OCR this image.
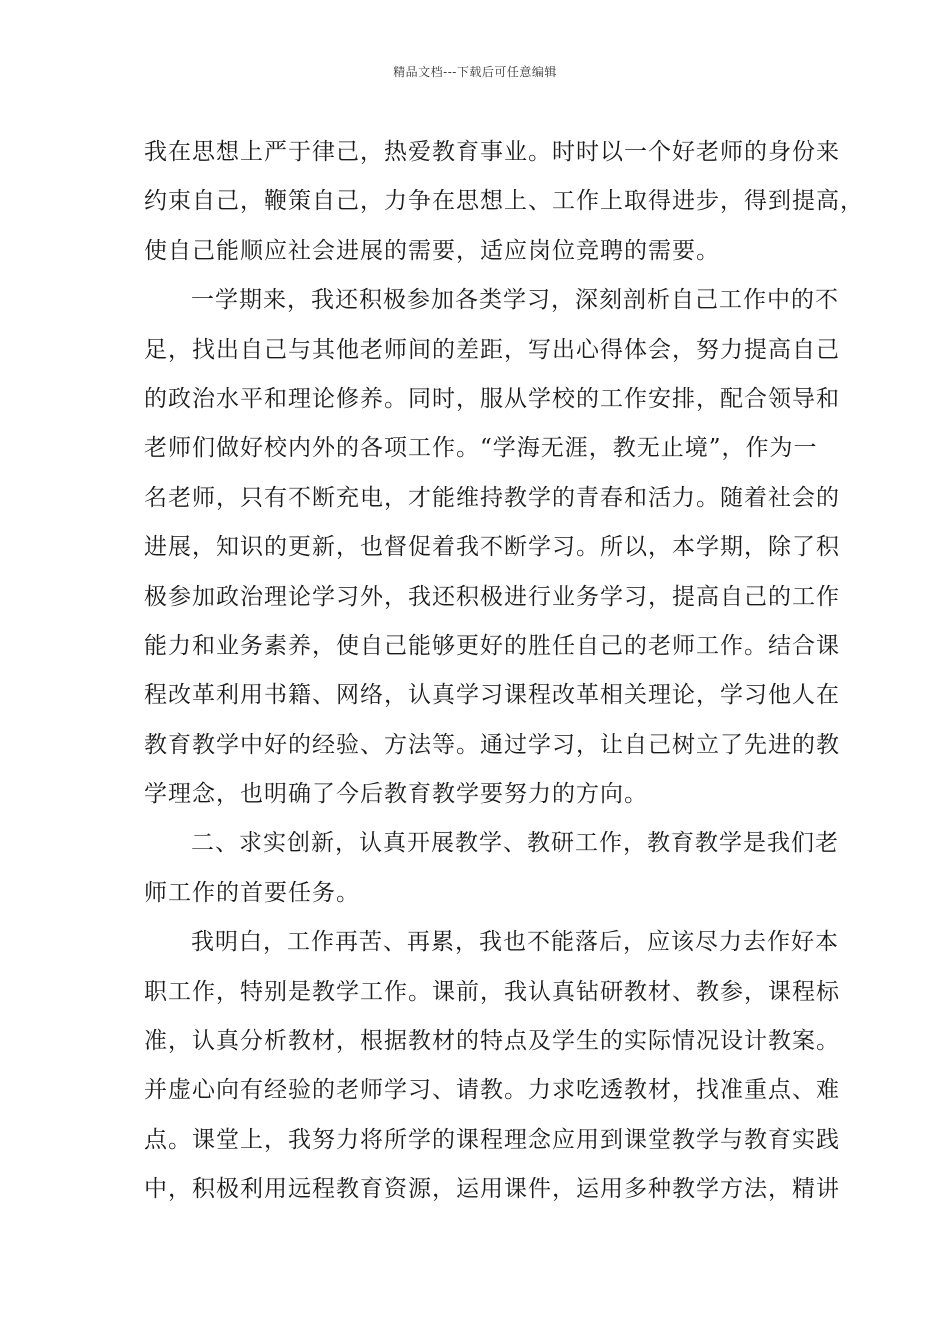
精品文档---下载后可任意编辑
我在思想上严于律己，热爱教育事业。时时以一个好老师的身份来
约束自己，鞭策自己，力争在思想上、工作上取得进步，得到提高，
使自己能顺应社会进展的需要，适应岗位竞聘的需要。
一学期来，我还积极参加各类学习，深刻剖析自己工作中的不
足，找出自己与其他老师间的差距，写出心得体会，努力提高自己
的政治水平和理论修养。同时，服从学校的工作安排，配合领导和
老师们做好校内外的各项工作。“学海无涯，教无止境”，作为一
名老师，只有不断充电，才能维持教学的青春和活力。随着社会的
进展，知识的更新，也督促着我不断学习。所以，本学期，除了积
极参加政治理论学习外，我还积极进行业务学习，提高自己的工作
能力和业务素养，使自己能够更好的胜任自己的老师工作。结合课
程改革利用书籍、网络，认真学习课程改革相关理论，学习他人在
教育教学中好的经验、方法等。通过学习，让自己树立了先进的教
学理念，也明确了今后教育教学要努力的方向。
二、求实创新，认真开展教学、教研工作，教育教学是我们老
师工作的首要任务。
我明白，工作再苦、再累，我也不能落后，应该尽力去作好本
职工作，特别是教学工作。课前，我认真钻研教材、教参，课程标
准，认真分析教材，根据教材的特点及学生的实际情况设计教案。
并虚心向有经验的老师学习、请教。力求吃透教材，找准重点、难
点。课堂上，我努力将所学的课程理念应用到课堂教学与教育实践
中，积极利用远程教育资源，运用课件，运用多种教学方法，精讲
